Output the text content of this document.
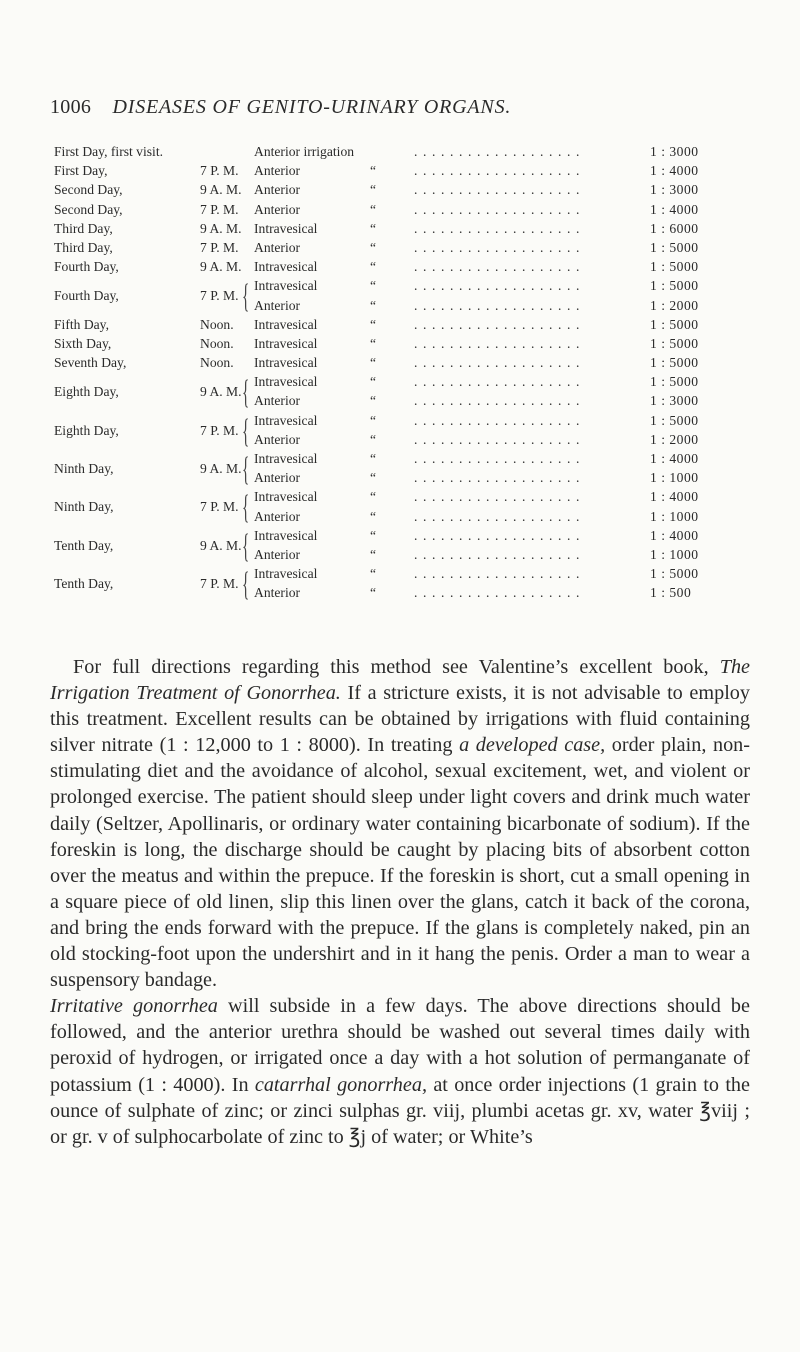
1006 DISEASES OF GENITO-URINARY ORGANS.
First Day, first visit.	Anterior irrigation	...................	1 : 3000
First Day,	7 P. M. Anterior	“	...................	1 : 4000
Second Day,	9 A. M. Anterior	“	...................	1 : 3000
Second Day,	7 P. M. Anterior	“	...................	1 : 4000
Third Day,	9 A. M. Intravesical	“	...................	1 : 6000
Third Day,	7 P. M. Anterior	“	...................	1 : 5000
Fourth Day,	9 A. M. Intravesical	“	...................	1 : 5000
Fourth Day,	7 P. M. { Intravesical	“	...................	1 : 5000
Anterior	“	...................	1 : 2000
Fifth Day,	Noon. Intravesical	“	...................	1 : 5000
Sixth Day,	Noon. Intravesical	“	...................	1 : 5000
Seventh Day,	Noon. Intravesical	“	...................	1 : 5000
Eighth Day,	9 A. M. { Intravesical	“	...................	1 : 5000
Anterior	“	...................	1 : 3000
Eighth Day,	7 P. M. { Intravesical	“	...................	1 : 5000
Anterior	“	...................	1 : 2000
Ninth Day,	9 A. M. { Intravesical	“	...................	1 : 4000
Anterior	“	...................	1 : 1000
Ninth Day,	7 P. M. { Intravesical	“	...................	1 : 4000
Anterior	“	...................	1 : 1000
Tenth Day,	9 A. M. { Intravesical	“	...................	1 : 4000
Anterior	“	...................	1 : 1000
Tenth Day,	7 P. M. { Intravesical	“	...................	1 : 5000
Anterior	“	...................	1 : 500

For full directions regarding this method see Valentine’s excellent book, The Irrigation Treatment of Gonorrhea. If a stricture exists, it is not advisable to employ this treatment. Excellent results can be obtained by irrigations with fluid containing silver nitrate (1 : 12,000 to 1 : 8000). In treating a developed case, order plain, non-stimulating diet and the avoidance of alcohol, sexual excitement, wet, and violent or prolonged exercise. The patient should sleep under light covers and drink much water daily (Seltzer, Apollinaris, or ordinary water containing bicarbonate of sodium). If the foreskin is long, the discharge should be caught by placing bits of absorbent cotton over the meatus and within the prepuce. If the foreskin is short, cut a small opening in a square piece of old linen, slip this linen over the glans, catch it back of the corona, and bring the ends forward with the prepuce. If the glans is completely naked, pin an old stocking-foot upon the undershirt and in it hang the penis. Order a man to wear a suspensory bandage.

Irritative gonorrhea will subside in a few days. The above directions should be followed, and the anterior urethra should be washed out several times daily with peroxid of hydrogen, or irrigated once a day with a hot solution of permanganate of potassium (1 : 4000). In catarrhal gonorrhea, at once order injections (1 grain to the ounce of sulphate of zinc; or zinci sulphas gr. viij, plumbi acetas gr. xv, water ℥viij ; or gr. v of sulphocarbolate of zinc to ℥j of water; or White’s
